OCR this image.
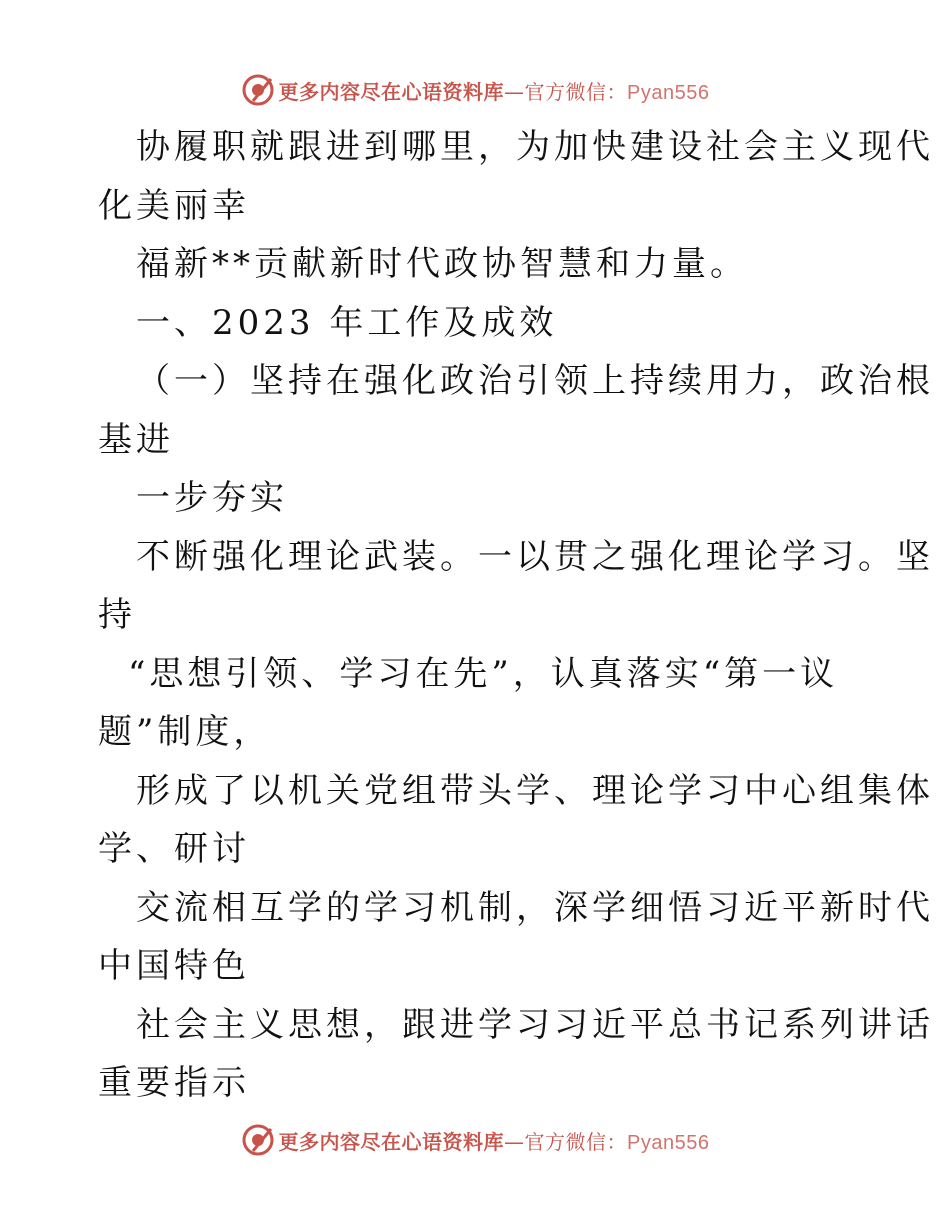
更多内容尽在心语资料库—官方微信：Pyan556
协履职就跟进到哪里，为加快建设社会主义现代
化美丽幸
福新**贡献新时代政协智慧和力量。
一、2023 年工作及成效
（一）坚持在强化政治引领上持续用力，政治根
基进
一步夯实
不断强化理论武装。一以贯之强化理论学习。坚
持
“思想引领、学习在先”，认真落实“第一议
题”制度，
形成了以机关党组带头学、理论学习中心组集体
学、研讨
交流相互学的学习机制，深学细悟习近平新时代
中国特色
社会主义思想，跟进学习习近平总书记系列讲话
重要指示
更多内容尽在心语资料库—官方微信：Pyan556
